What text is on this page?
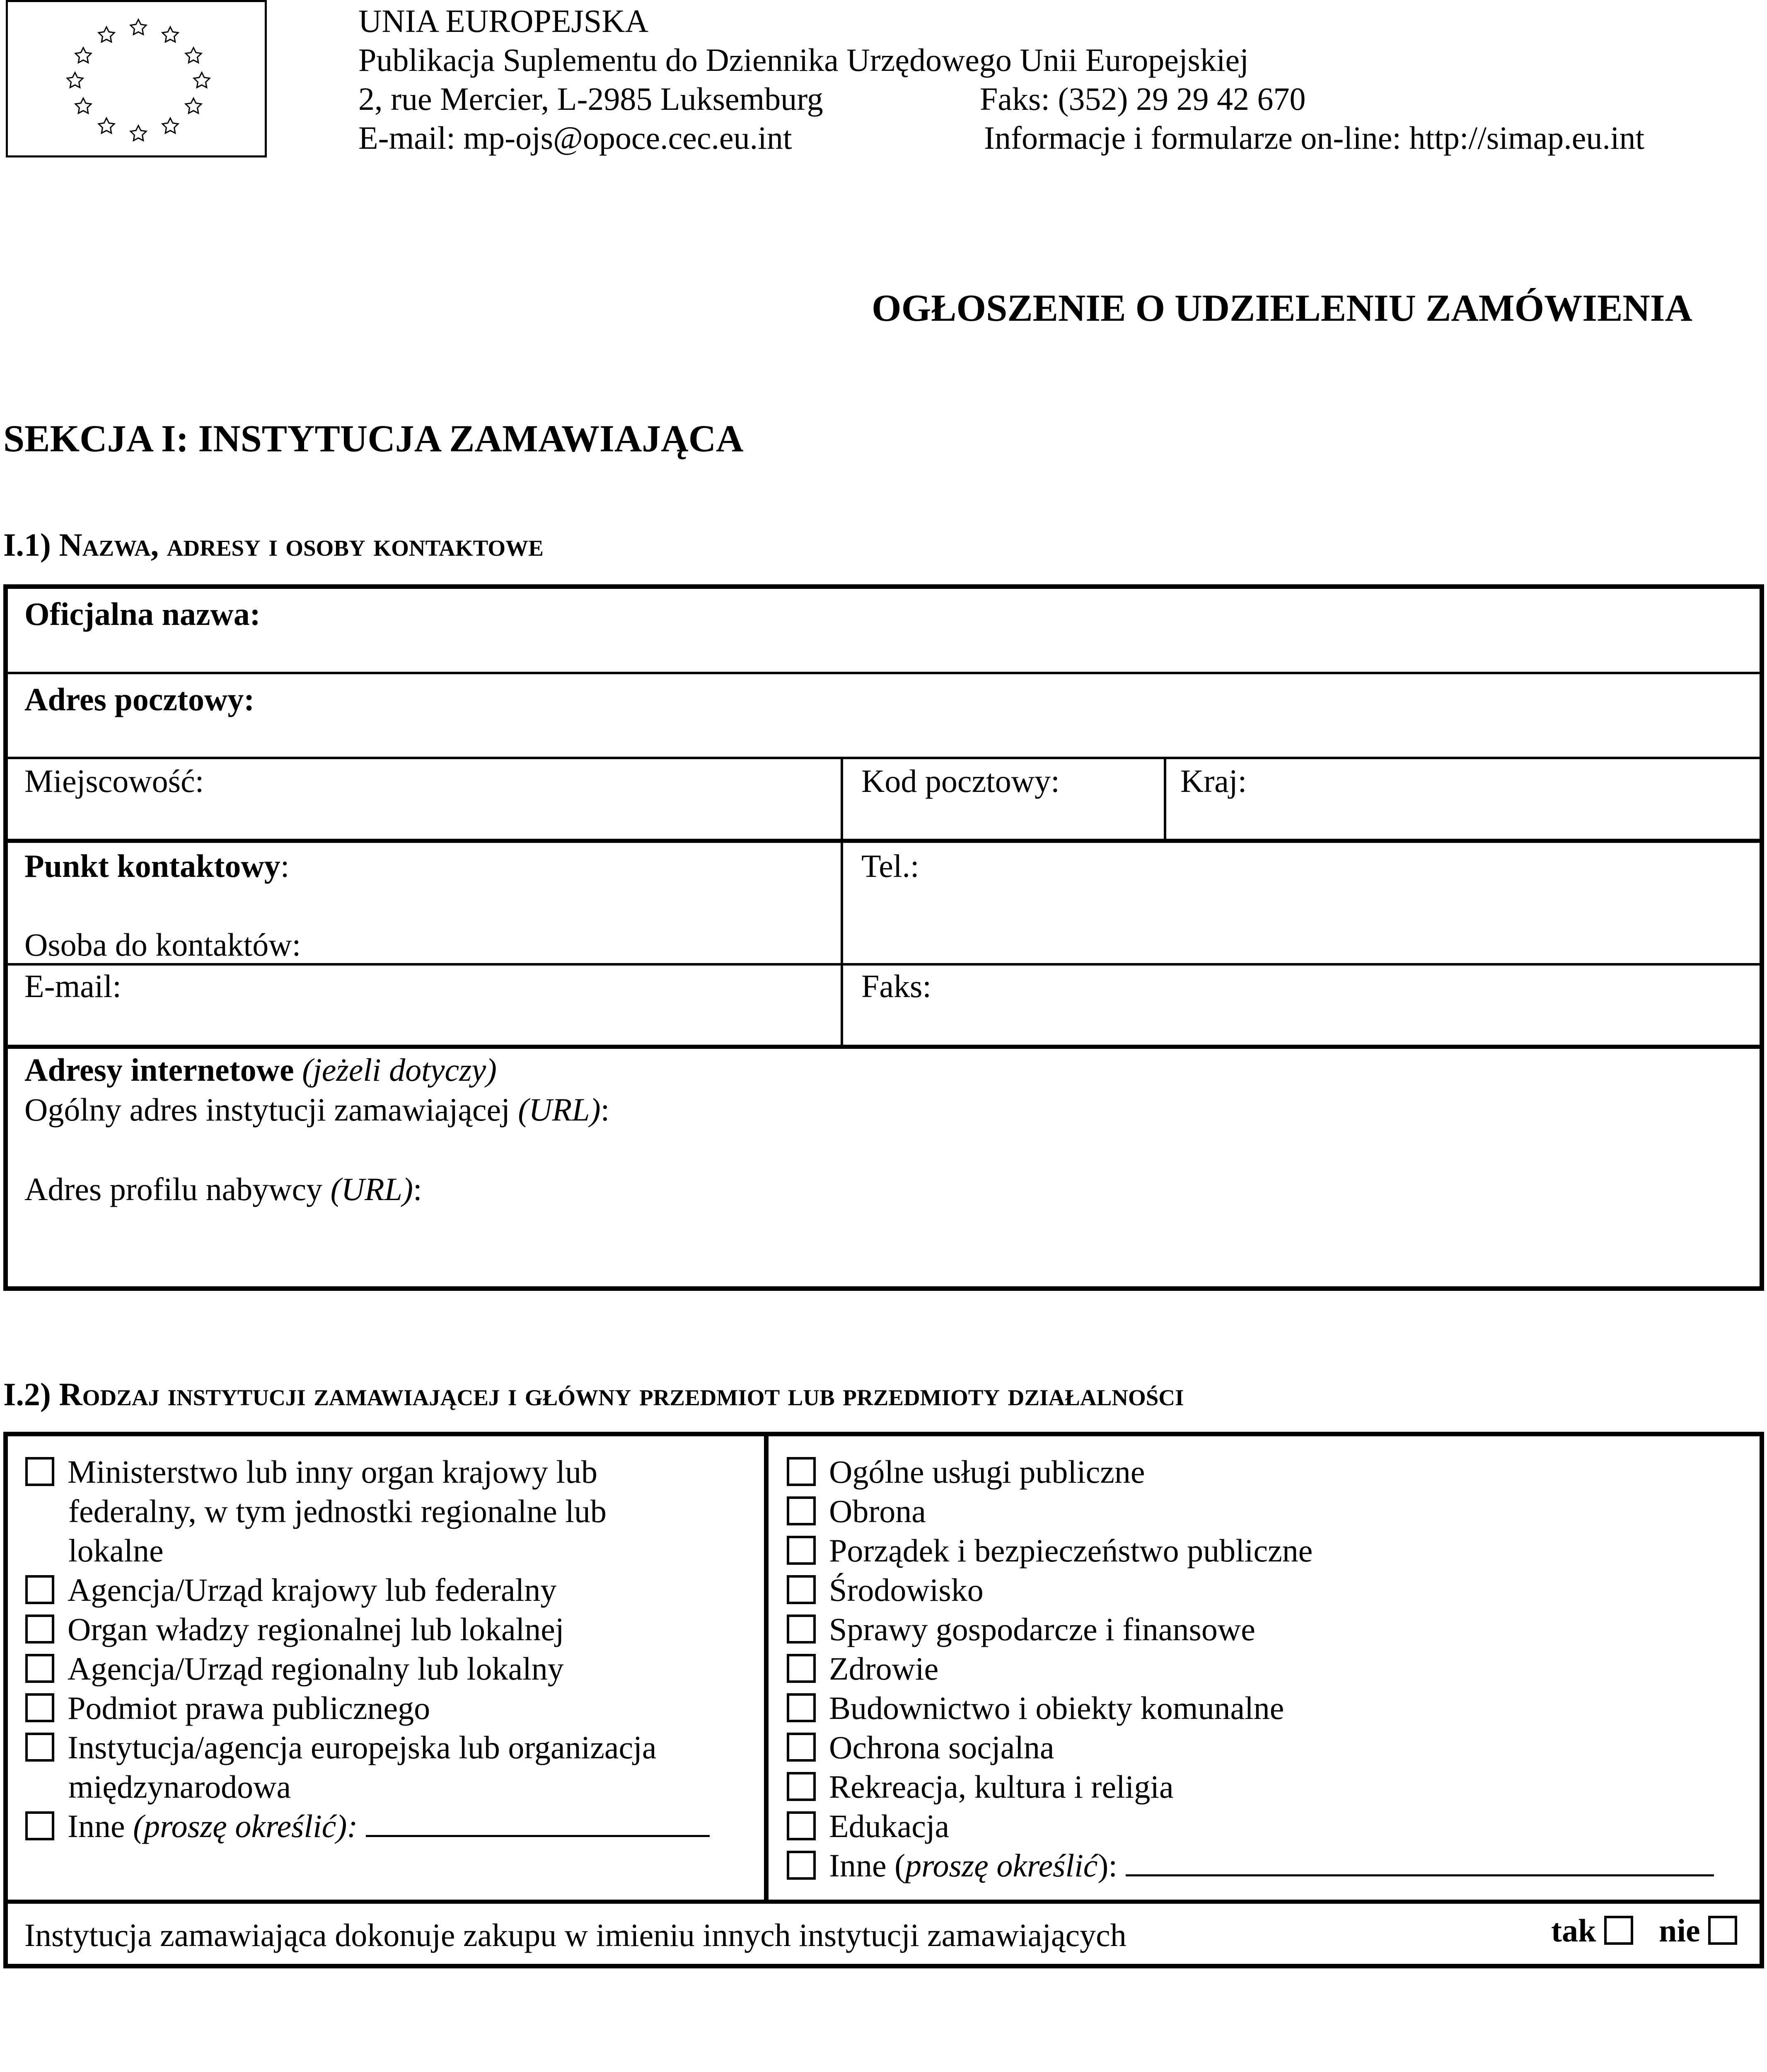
UNIA EUROPEJSKA
Publikacja Suplementu do Dziennika Urzędowego Unii Europejskiej
2, rue Mercier, L-2985 Luksemburg	Faks: (352) 29 29 42 670
E-mail: mp-ojs@opoce.cec.eu.int	Informacje i formularze on-line: http://simap.eu.int
OGŁOSZENIE O UDZIELENIU ZAMÓWIENIA
SEKCJA I: INSTYTUCJA ZAMAWIAJĄCA
I.1) Nazwa, adresy i osoby kontaktowe
Oficjalna nazwa:
Adres pocztowy:
Miejscowość:	Kod pocztowy:	Kraj:
Punkt kontaktowy:	Tel.:
Osoba do kontaktów:
E-mail:	Faks:
Adresy internetowe (jeżeli dotyczy)
Ogólny adres instytucji zamawiającej (URL):
Adres profilu nabywcy (URL):
I.2) Rodzaj instytucji zamawiającej i główny przedmiot lub przedmioty działalności
Ministerstwo lub inny organ krajowy lub
federalny, w tym jednostki regionalne lub
lokalne
Agencja/Urząd krajowy lub federalny
Organ władzy regionalnej lub lokalnej
Agencja/Urząd regionalny lub lokalny
Podmiot prawa publicznego
Instytucja/agencja europejska lub organizacja
międzynarodowa
Inne (proszę określić):
Ogólne usługi publiczne
Obrona
Porządek i bezpieczeństwo publiczne
Środowisko
Sprawy gospodarcze i finansowe
Zdrowie
Budownictwo i obiekty komunalne
Ochrona socjalna
Rekreacja, kultura i religia
Edukacja
Inne (proszę określić):
Instytucja zamawiająca dokonuje zakupu w imieniu innych instytucji zamawiających	tak	nie
